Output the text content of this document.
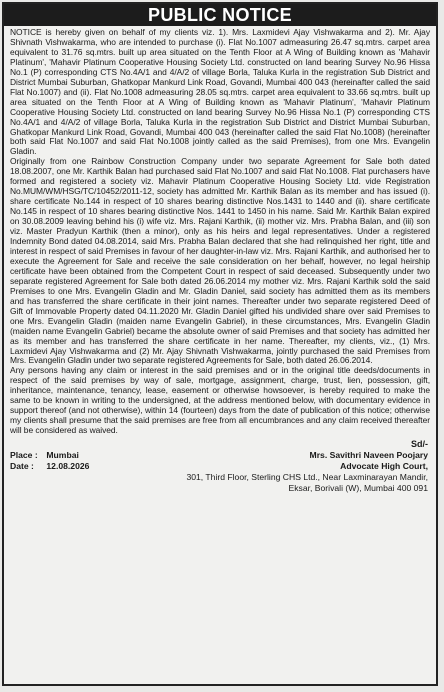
PUBLIC NOTICE

NOTICE is hereby given on behalf of my clients viz. 1). Mrs. Laxmidevi Ajay Vishwakarma and 2). Mr. Ajay Shivnath Vishwakarma, who are intended to purchase (i). Flat No.1007 admeasuring 26.47 sq.mtrs. carpet area equivalent to 31.76 sq.mtrs. built up area situated on the Tenth Floor at A Wing of Building known as 'Mahavir Platinum', 'Mahavir Platinum Cooperative Housing Society Ltd. constructed on land bearing Survey No.96 Hissa No.1 (P) corresponding CTS No.4A/1 and 4/A/2 of village Borla, Taluka Kurla in the registration Sub District and District Mumbai Suburban, Ghatkopar Mankurd Link Road, Govandi, Mumbai 400 043 (hereinafter called the said Flat No.1007) and (ii). Flat No.1008 admeasuring 28.05 sq.mtrs. carpet area equivalent to 33.66 sq.mtrs. built up area situated on the Tenth Floor at A Wing of Building known as 'Mahavir Platinum', 'Mahavir Platinum Cooperative Housing Society Ltd. constructed on land bearing Survey No.96 Hissa No.1 (P) corresponding CTS No.4A/1 and 4/A/2 of village Borla, Taluka Kurla in the registration Sub District and District Mumbai Suburban, Ghatkopar Mankurd Link Road, Govandi, Mumbai 400 043 (hereinafter called the said Flat No.1008) (hereinafter both said Flat No.1007 and said Flat No.1008 jointly called as the said Premises), from one Mrs. Evangelin Gladin.

Originally from one Rainbow Construction Company under two separate Agreement for Sale both dated 18.08.2007, one Mr. Karthik Balan had purchased said Flat No.1007 and said Flat No.1008. Flat purchasers have formed and registered a society viz. Mahavir Platinum Cooperative Housing Society Ltd. vide Registration No.MUM/WM/HSG/TC/10452/2011-12, society has admitted Mr. Karthik Balan as its member and has issued (i). share certificate No.144 in respect of 10 shares bearing distinctive Nos.1431 to 1440 and (ii). share certificate No.145 in respect of 10 shares bearing distinctive Nos. 1441 to 1450 in his name. Said Mr. Karthik Balan expired on 30.08.2009 leaving behind his (i) wife viz. Mrs. Rajani Karthik, (ii) mother viz. Mrs. Prabha Balan, and (iii) son viz. Master Pradyun Karthik (then a minor), only as his heirs and legal representatives. Under a registered Indemnity Bond dated 04.08.2014, said Mrs. Prabha Balan declared that she had relinquished her right, title and interest in respect of said Premises in favour of her daughter-in-law viz. Mrs. Rajani Karthik, and authorised her to execute the Agreement for Sale and receive the sale consideration on her behalf, however, no legal heirship certificate have been obtained from the Competent Court in respect of said deceased. Subsequently under two separate registered Agreement for Sale both dated 26.06.2014 my mother viz. Mrs. Rajani Karthik sold the said Premises to one Mrs. Evangelin Gladin and Mr. Gladin Daniel, said society has admitted them as its members and has transferred the share certificate in their joint names. Thereafter under two separate registered Deed of Gift of Immovable Property dated 04.11.2020 Mr. Gladin Daniel gifted his undivided share over said Premises to one Mrs. Evangelin Gladin (maiden name Evangelin Gabriel), in these circumstances, Mrs. Evangelin Gladin (maiden name Evangelin Gabriel) became the absolute owner of said Premises and that society has admitted her as its member and has transferred the share certificate in her name. Thereafter, my clients, viz., (1) Mrs. Laxmidevi Ajay Vishwakarma and (2) Mr. Ajay Shivnath Vishwakarma, jointly purchased the said Premises from Mrs. Evangelin Gladin under two separate registered Agreements for Sale, both dated 26.06.2014.

Any persons having any claim or interest in the said premises and or in the original title deeds/documents in respect of the said premises by way of sale, mortgage, assignment, charge, trust, lien, possession, gift, inheritance, maintenance, tenancy, lease, easement or otherwise howsoever, is hereby required to make the same to be known in writing to the undersigned, at the address mentioned below, with documentary evidence in support thereof (and not otherwise), within 14 (fourteen) days from the date of publication of this notice; otherwise my clients shall presume that the said premises are free from all encumbrances and any claim received thereafter will be considered as waived.

Sd/-
Place : Mumbai
Date : 12.08.2026
Mrs. Savithri Naveen Poojary
Advocate High Court,
301, Third Floor, Sterling CHS Ltd., Near Laxminarayan Mandir,
Eksar, Borivali (W), Mumbai 400 091
